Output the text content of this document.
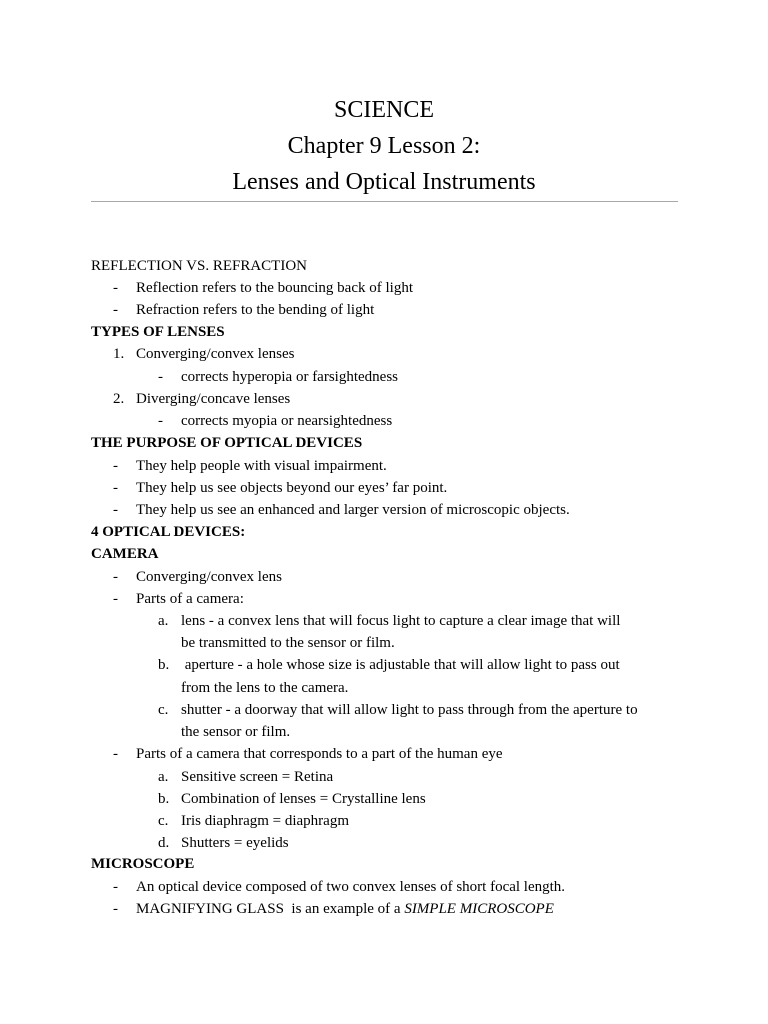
SCIENCE
Chapter 9 Lesson 2:
Lenses and Optical Instruments
REFLECTION VS. REFRACTION
- Reflection refers to the bouncing back of light
- Refraction refers to the bending of light
TYPES OF LENSES
1. Converging/convex lenses
- corrects hyperopia or farsightedness
2. Diverging/concave lenses
- corrects myopia or nearsightedness
THE PURPOSE OF OPTICAL DEVICES
- They help people with visual impairment.
- They help us see objects beyond our eyes’ far point.
- They help us see an enhanced and larger version of microscopic objects.
4 OPTICAL DEVICES:
CAMERA
- Converging/convex lens
- Parts of a camera:
a. lens - a convex lens that will focus light to capture a clear image that will
be transmitted to the sensor or film.
b. aperture - a hole whose size is adjustable that will allow light to pass out
from the lens to the camera.
c. shutter - a doorway that will allow light to pass through from the aperture to
the sensor or film.
- Parts of a camera that corresponds to a part of the human eye
a. Sensitive screen = Retina
b. Combination of lenses = Crystalline lens
c. Iris diaphragm = diaphragm
d. Shutters = eyelids
MICROSCOPE
- An optical device composed of two convex lenses of short focal length.
- MAGNIFYING GLASS  is an example of a SIMPLE MICROSCOPE
